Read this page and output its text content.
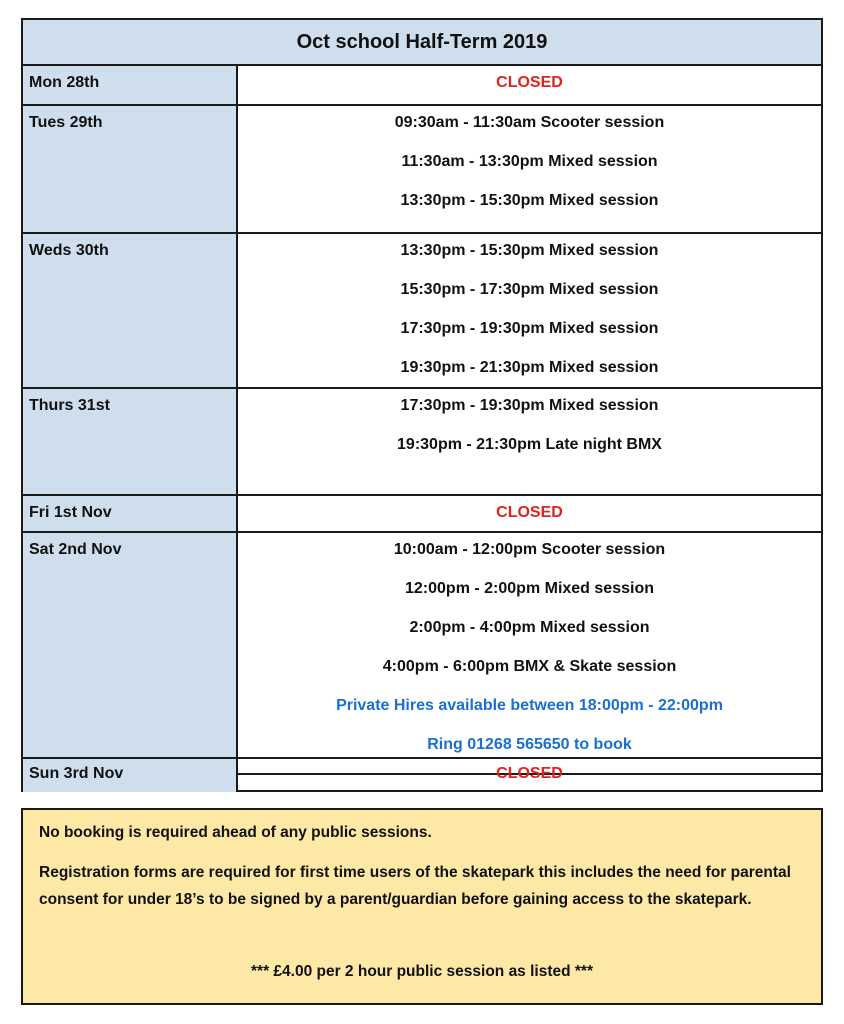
Oct school Half-Term 2019
Mon 28th	CLOSED
Tues 29th	09:30am - 11:30am Scooter session
11:30am - 13:30pm Mixed session
13:30pm - 15:30pm Mixed session
Weds 30th	13:30pm - 15:30pm Mixed session
15:30pm - 17:30pm Mixed session
17:30pm - 19:30pm Mixed session
19:30pm - 21:30pm Mixed session
Thurs 31st	17:30pm - 19:30pm Mixed session
19:30pm - 21:30pm Late night BMX
Fri 1st Nov	CLOSED
Sat 2nd Nov	10:00am - 12:00pm Scooter session
12:00pm - 2:00pm Mixed session
2:00pm - 4:00pm Mixed session
4:00pm - 6:00pm BMX & Skate session
Private Hires available between 18:00pm - 22:00pm
Ring 01268 565650 to book
Sun 3rd Nov	CLOSED
No booking is required ahead of any public sessions.
Registration forms are required for first time users of the skatepark this includes the need for parental consent for under 18’s to be signed by a parent/guardian before gaining access to the skatepark.
*** £4.00 per 2 hour public session as listed ***
